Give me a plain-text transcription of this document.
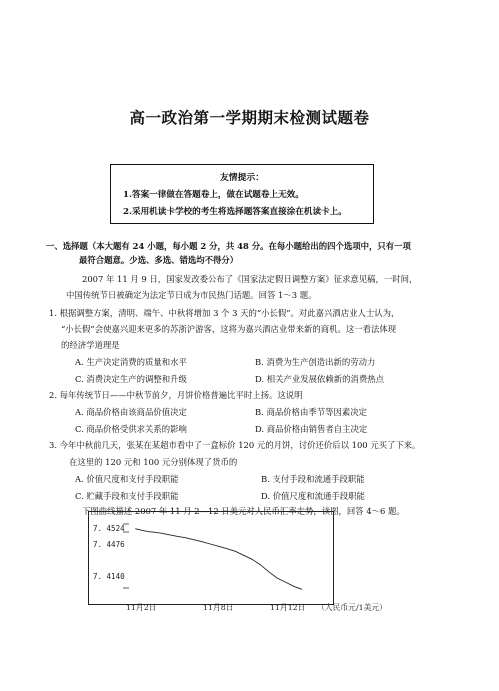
高一政治第一学期期末检测试题卷
友情提示：
1.答案一律做在答题卷上，做在试题卷上无效。
2.采用机读卡学校的考生将选择题答案直接涂在机读卡上。
一、选择题（本大题有 24 小题，每小题 2 分，共 48 分。在每小题给出的四个选项中，只有一项
最符合题意。少选、多选、错选均不得分）
2007 年 11 月 9 日，国家发改委公布了《国家法定假日调整方案》征求意见稿，一时间，
中国传统节日被确定为法定节日成为市民热门话题。回答 1～3 题。
1. 根据调整方案，清明、端午、中秋将增加 3 个 3 天的“小长假”。对此嘉兴酒店业人士认为，
“小长假”会使嘉兴迎来更多的苏浙沪游客，这将为嘉兴酒店业带来新的商机。这一看法体现
的经济学道理是
A. 生产决定消费的质量和水平	B. 消费为生产创造出新的劳动力
C. 消费决定生产的调整和升级	D. 相关产业发展依赖新的消费热点
2. 每年传统节日——中秋节前夕，月饼价格普遍比平时上扬。这说明
A. 商品价格由该商品价值决定	B. 商品价格由季节等因素决定
C. 商品价格受供求关系的影响	D. 商品价格由销售者自主决定
3. 今年中秋前几天，张某在某超市看中了一盒标价 120 元的月饼，讨价还价后以 100 元买了下来。
在这里的 120 元和 100 元分别体现了货币的
A. 价值尺度和支付手段职能	B. 支付手段和流通手段职能
C. 贮藏手段和支付手段职能	D. 价值尺度和流通手段职能
下图曲线描述 2007 年 11 月 2—12 日美元对人民币汇率走势，读图，回答 4～6 题。
7. 4524
7. 4476
7. 4140
11月2日	11月8日	11月12日 （人民币元/1美元）
